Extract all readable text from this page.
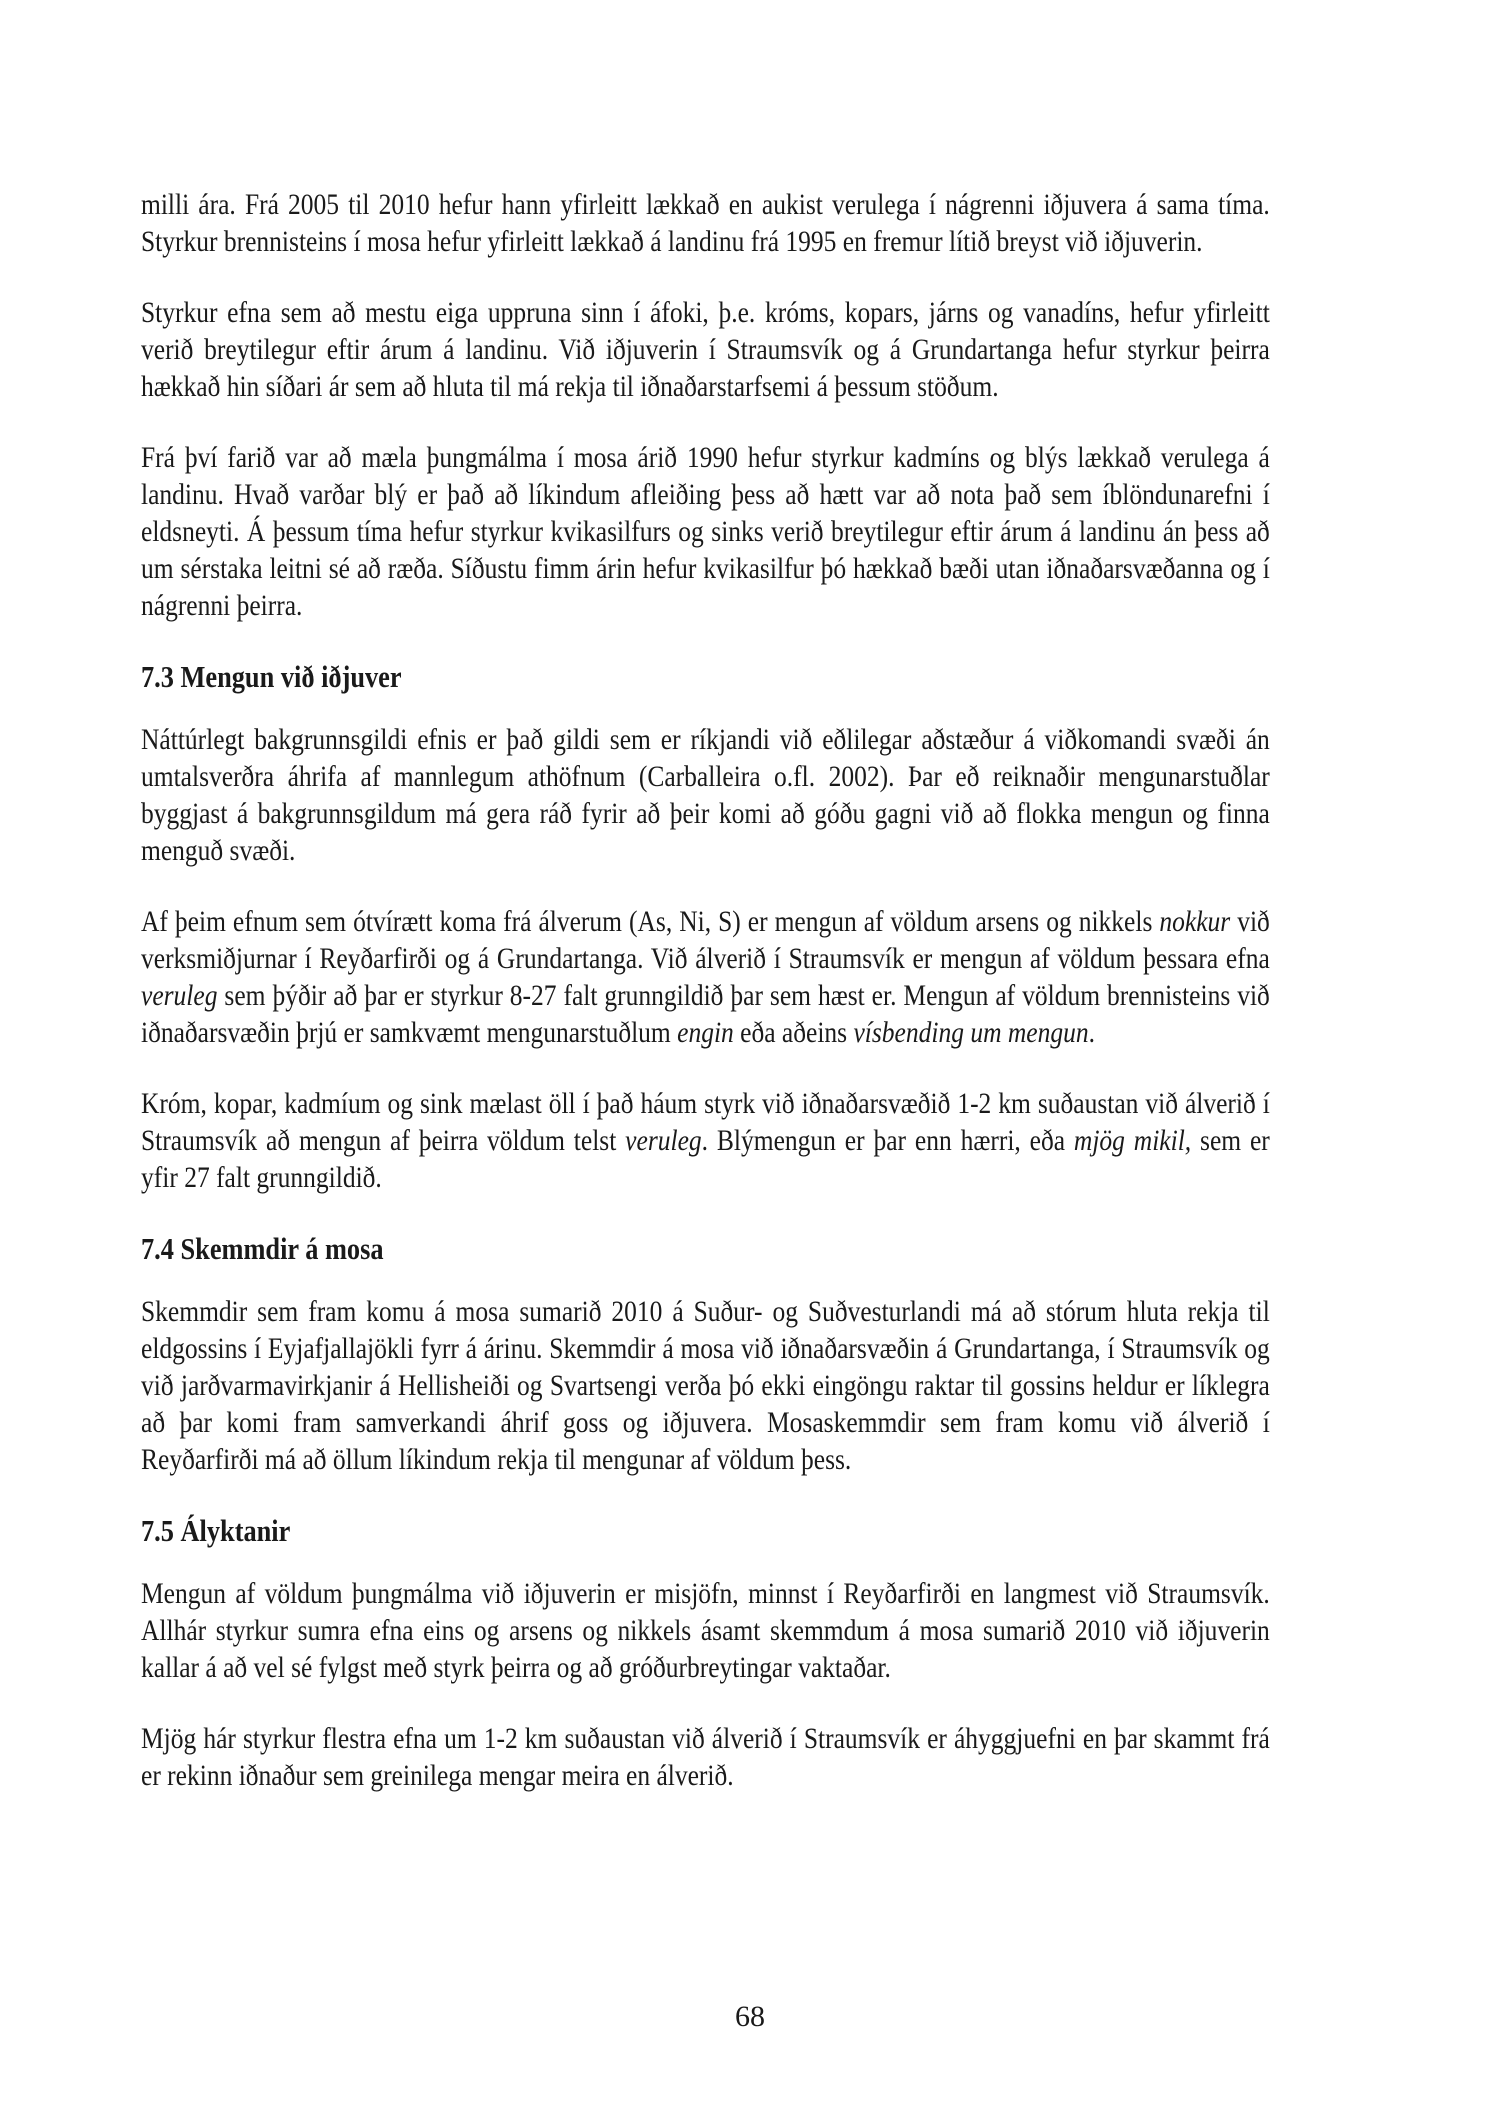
milli ára. Frá 2005 til 2010 hefur hann yfirleitt lækkað en aukist verulega í nágrenni iðjuvera á sama tíma. Styrkur brennisteins í mosa hefur yfirleitt lækkað á landinu frá 1995 en fremur lítið breyst við iðjuverin.

Styrkur efna sem að mestu eiga uppruna sinn í áfoki, þ.e. króms, kopars, járns og vanadíns, hefur yfirleitt verið breytilegur eftir árum á landinu. Við iðjuverin í Straumsvík og á Grundartanga hefur styrkur þeirra hækkað hin síðari ár sem að hluta til má rekja til iðnaðarstarfsemi á þessum stöðum.

Frá því farið var að mæla þungmálma í mosa árið 1990 hefur styrkur kadmíns og blýs lækkað verulega á landinu. Hvað varðar blý er það að líkindum afleiðing þess að hætt var að nota það sem íblöndunarefni í eldsneyti. Á þessum tíma hefur styrkur kvikasilfurs og sinks verið breytilegur eftir árum á landinu án þess að um sérstaka leitni sé að ræða. Síðustu fimm árin hefur kvikasilfur þó hækkað bæði utan iðnaðarsvæðanna og í nágrenni þeirra.

7.3 Mengun við iðjuver

Náttúrlegt bakgrunnsgildi efnis er það gildi sem er ríkjandi við eðlilegar aðstæður á viðkomandi svæði án umtalsverðra áhrifa af mannlegum athöfnum (Carballeira o.fl. 2002). Þar eð reiknaðir mengunarstuðlar byggjast á bakgrunnsgildum má gera ráð fyrir að þeir komi að góðu gagni við að flokka mengun og finna menguð svæði.

Af þeim efnum sem ótvírætt koma frá álverum (As, Ni, S) er mengun af völdum arsens og nikkels nokkur við verksmiðjurnar í Reyðarfirði og á Grundartanga. Við álverið í Straumsvík er mengun af völdum þessara efna veruleg sem þýðir að þar er styrkur 8-27 falt grunngildið þar sem hæst er. Mengun af völdum brennisteins við iðnaðarsvæðin þrjú er samkvæmt mengunarstuðlum engin eða aðeins vísbending um mengun.

Króm, kopar, kadmíum og sink mælast öll í það háum styrk við iðnaðarsvæðið 1-2 km suðaustan við álverið í Straumsvík að mengun af þeirra völdum telst veruleg. Blýmengun er þar enn hærri, eða mjög mikil, sem er yfir 27 falt grunngildið.

7.4 Skemmdir á mosa

Skemmdir sem fram komu á mosa sumarið 2010 á Suður- og Suðvesturlandi má að stórum hluta rekja til eldgossins í Eyjafjallajökli fyrr á árinu. Skemmdir á mosa við iðnaðarsvæðin á Grundartanga, í Straumsvík og við jarðvarmavirkjanir á Hellisheiði og Svartsengi verða þó ekki eingöngu raktar til gossins heldur er líklegra að þar komi fram samverkandi áhrif goss og iðjuvera. Mosaskemmdir sem fram komu við álverið í Reyðarfirði má að öllum líkindum rekja til mengunar af völdum þess.

7.5 Ályktanir

Mengun af völdum þungmálma við iðjuverin er misjöfn, minnst í Reyðarfirði en langmest við Straumsvík. Allhár styrkur sumra efna eins og arsens og nikkels ásamt skemmdum á mosa sumarið 2010 við iðjuverin kallar á að vel sé fylgst með styrk þeirra og að gróðurbreytingar vaktaðar.

Mjög hár styrkur flestra efna um 1-2 km suðaustan við álverið í Straumsvík er áhyggjuefni en þar skammt frá er rekinn iðnaður sem greinilega mengar meira en álverið.

68
